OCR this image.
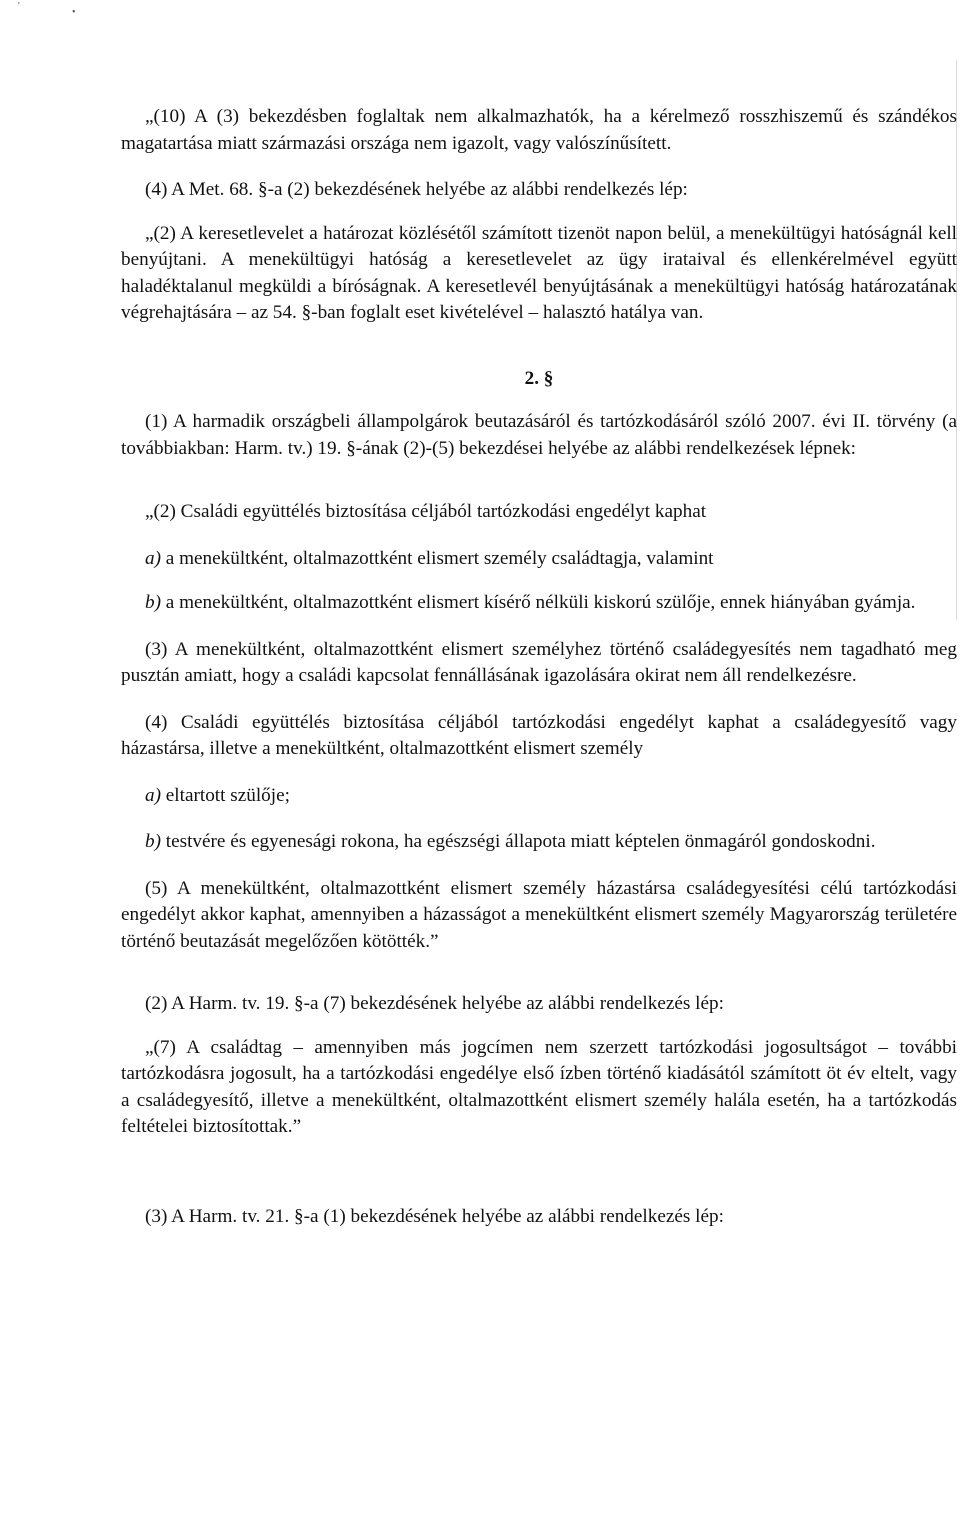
'
•

„(10) A (3) bekezdésben foglaltak nem alkalmazhatók, ha a kérelmező rosszhiszemű és szándékos magatartása miatt származási országa nem igazolt, vagy valószínűsített.

(4) A Met. 68. §-a (2) bekezdésének helyébe az alábbi rendelkezés lép:

„(2) A keresetlevelet a határozat közlésétől számított tizenöt napon belül, a menekültügyi hatóságnál kell benyújtani. A menekültügyi hatóság a keresetlevelet az ügy irataival és ellenkérelmével együtt haladéktalanul megküldi a bíróságnak. A keresetlevél benyújtásának a menekültügyi hatóság határozatának végrehajtására – az 54. §-ban foglalt eset kivételével – halasztó hatálya van.

2. §

(1) A harmadik országbeli állampolgárok beutazásáról és tartózkodásáról szóló 2007. évi II. törvény (a továbbiakban: Harm. tv.) 19. §-ának (2)-(5) bekezdései helyébe az alábbi rendelkezések lépnek:

„(2) Családi együttélés biztosítása céljából tartózkodási engedélyt kaphat

a) a menekültként, oltalmazottként elismert személy családtagja, valamint

b) a menekültként, oltalmazottként elismert kísérő nélküli kiskorú szülője, ennek hiányában gyámja.

(3) A menekültként, oltalmazottként elismert személyhez történő családegyesítés nem tagadható meg pusztán amiatt, hogy a családi kapcsolat fennállásának igazolására okirat nem áll rendelkezésre.

(4) Családi együttélés biztosítása céljából tartózkodási engedélyt kaphat a családegyesítő vagy házastársa, illetve a menekültként, oltalmazottként elismert személy

a) eltartott szülője;

b) testvére és egyenesági rokona, ha egészségi állapota miatt képtelen önmagáról gondoskodni.

(5) A menekültként, oltalmazottként elismert személy házastársa családegyesítési célú tartózkodási engedélyt akkor kaphat, amennyiben a házasságot a menekültként elismert személy Magyarország területére történő beutazását megelőzően kötötték.”

(2) A Harm. tv. 19. §-a (7) bekezdésének helyébe az alábbi rendelkezés lép:

„(7) A családtag – amennyiben más jogcímen nem szerzett tartózkodási jogosultságot – további tartózkodásra jogosult, ha a tartózkodási engedélye első ízben történő kiadásától számított öt év eltelt, vagy a családegyesítő, illetve a menekültként, oltalmazottként elismert személy halála esetén, ha a tartózkodás feltételei biztosítottak.”

(3) A Harm. tv. 21. §-a (1) bekezdésének helyébe az alábbi rendelkezés lép:
